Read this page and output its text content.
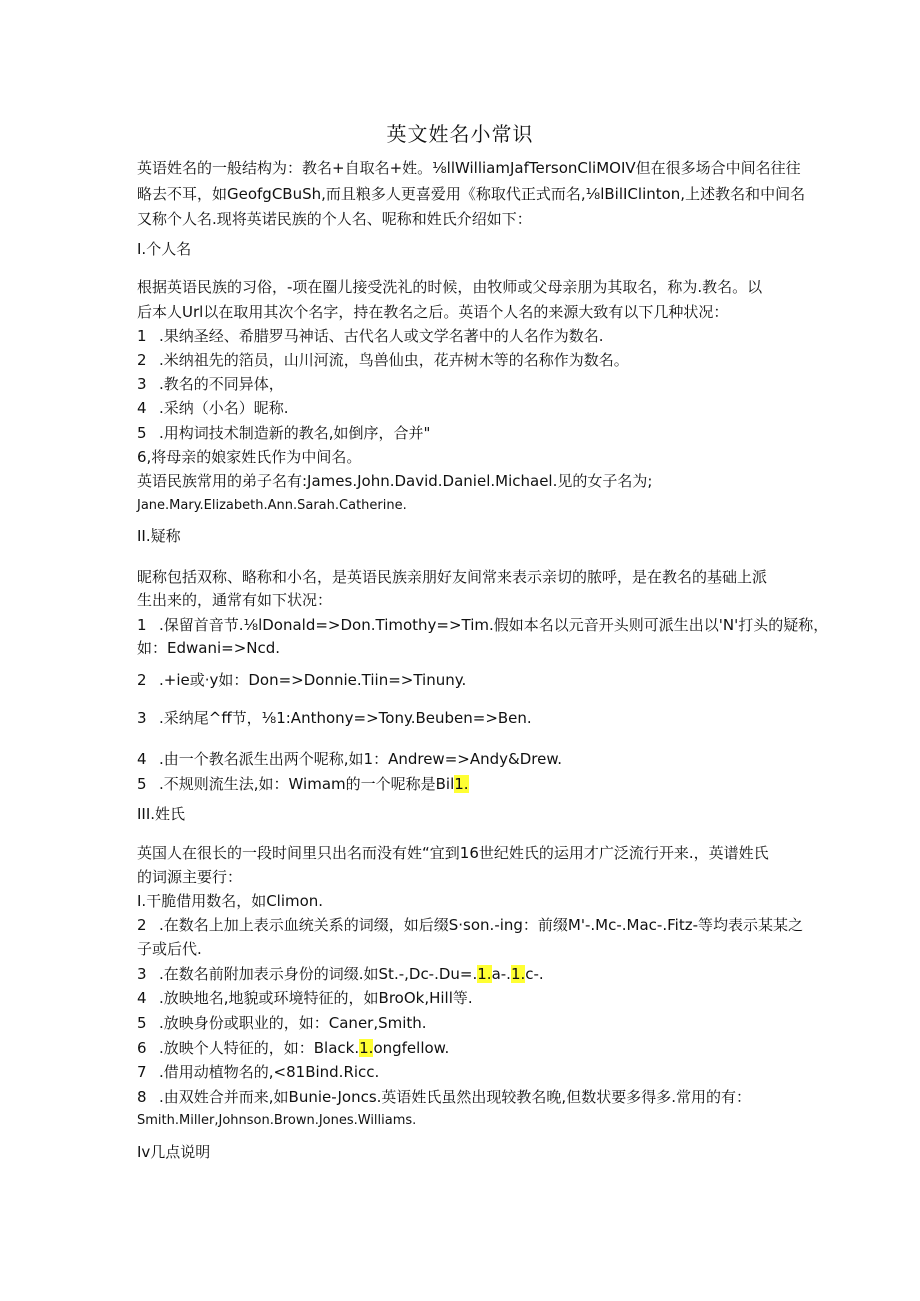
英文姓名小常识
英语姓名的一般结构为：教名+自取名+姓。⅛llWilliamJafTersonCliMOIV但在很多场合中间名往往
略去不耳，如GeofgCBuSh,而且粮多人更喜爱用《称取代正式而名,⅛lBilIClinton,上述教名和中间名
又称个人名.现将英诺民族的个人名、呢称和姓氏介绍如下：
I.个人名
根据英语民族的习俗，-项在圈儿接受洗礼的时候，由牧师或父母亲朋为其取名，称为.教名。以
后本人Url以在取用其次个名字，持在教名之后。英语个人名的来源大致有以下几种状况：
1 .果纳圣经、希腊罗马神话、古代名人或文学名著中的人名作为数名.
2 .米纳祖先的箔员，山川河流，鸟兽仙虫，花卉树木等的名称作为数名。
3 .教名的不同异体，
4 .采纳（小名）昵称.
5 .用构词技术制造新的教名,如倒序，合并"
6,将母亲的娘家姓氏作为中间名。
英语民族常用的弟子名有:James.John.David.Daniel.Michael.见的女子名为;
Jane.Mary.Elizabeth.Ann.Sarah.Catherine.
II.疑称
昵称包括双称、略称和小名，是英语民族亲朋好友间常来表示亲切的脓呼，是在教名的基础上派
生出来的，通常有如下状况：
1 .保留首音节.⅛lDonald=>Don.Timothy=>Tim.假如本名以元音开头则可派生出以'N'打头的疑称，
如：Edwani=>Ncd.
2 .+ie或·y如：Don=>Donnie.Tiin=>Tinuny.
3 .采纳尾^ff节，⅛1:Anthony=>Tony.Beuben=>Ben.
4 .由一个教名派生出两个呢称,如1：Andrew=>Andy&Drew.
5 .不规则流生法,如：Wimam的一个呢称是Bil1.
III.姓氏
英国人在很长的一段时间里只出名而没有姓“宜到16世纪姓氏的运用才广泛流行开来.，英谱姓氏
的词源主要行：
I.干脆借用数名，如Climon.
2 .在数名上加上表示血统关系的词缀，如后缀S·son.-ing：前缀M'-.Mc-.Mac-.Fitz-等均表示某某之
子或后代.
3 .在数名前附加表示身份的词缀.如St.-,Dc-.Du=.1.a-.1.c-.
4 .放映地名,地貌或环境特征的，如BroOk,Hill等.
5 .放映身份或职业的，如：Caner,Smith.
6 .放映个人特征的，如：Black.1.ongfellow.
7 .借用动植物名的,<81Bind.Ricc.
8 .由双姓合并而来,如Bunie-Joncs.英语姓氏虽然出现较教名晚,但数状要多得多.常用的有：
Smith.Miller,Johnson.Brown.Jones.Williams.
Iv几点说明
